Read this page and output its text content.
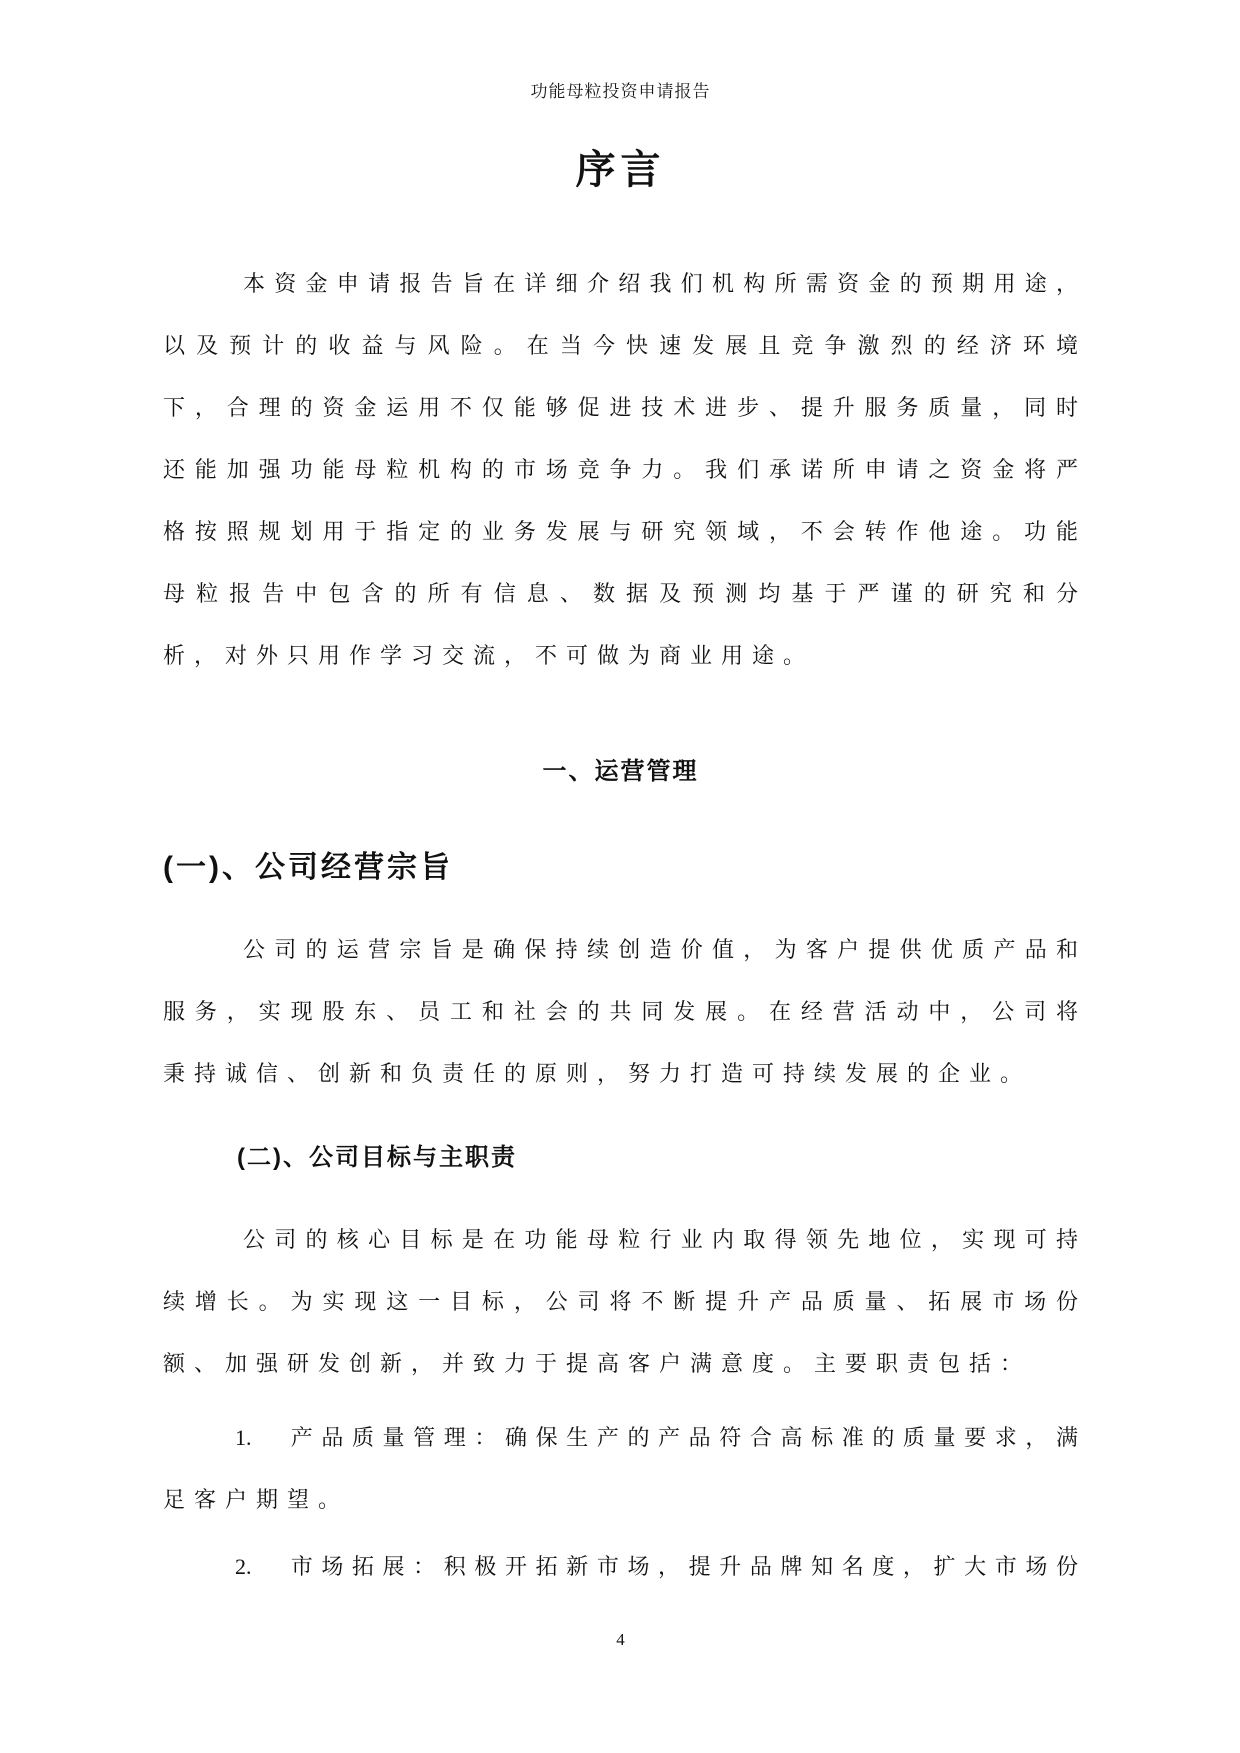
功能母粒投资申请报告
序言
本资金申请报告旨在详细介绍我们机构所需资金的预期用途，
以及预计的收益与风险。在当今快速发展且竞争激烈的经济环境
下，合理的资金运用不仅能够促进技术进步、提升服务质量，同时
还能加强功能母粒机构的市场竞争力。我们承诺所申请之资金将严
格按照规划用于指定的业务发展与研究领域，不会转作他途。功能
母粒报告中包含的所有信息、数据及预测均基于严谨的研究和分
析，对外只用作学习交流，不可做为商业用途。
一、运营管理
(一)、公司经营宗旨
公司的运营宗旨是确保持续创造价值，为客户提供优质产品和
服务，实现股东、员工和社会的共同发展。在经营活动中，公司将
秉持诚信、创新和负责任的原则，努力打造可持续发展的企业。
(二)、公司目标与主职责
公司的核心目标是在功能母粒行业内取得领先地位，实现可持
续增长。为实现这一目标，公司将不断提升产品质量、拓展市场份
额、加强研发创新，并致力于提高客户满意度。主要职责包括：
1.　产品质量管理：确保生产的产品符合高标准的质量要求，满
足客户期望。
2.　市场拓展：积极开拓新市场，提升品牌知名度，扩大市场份
4
